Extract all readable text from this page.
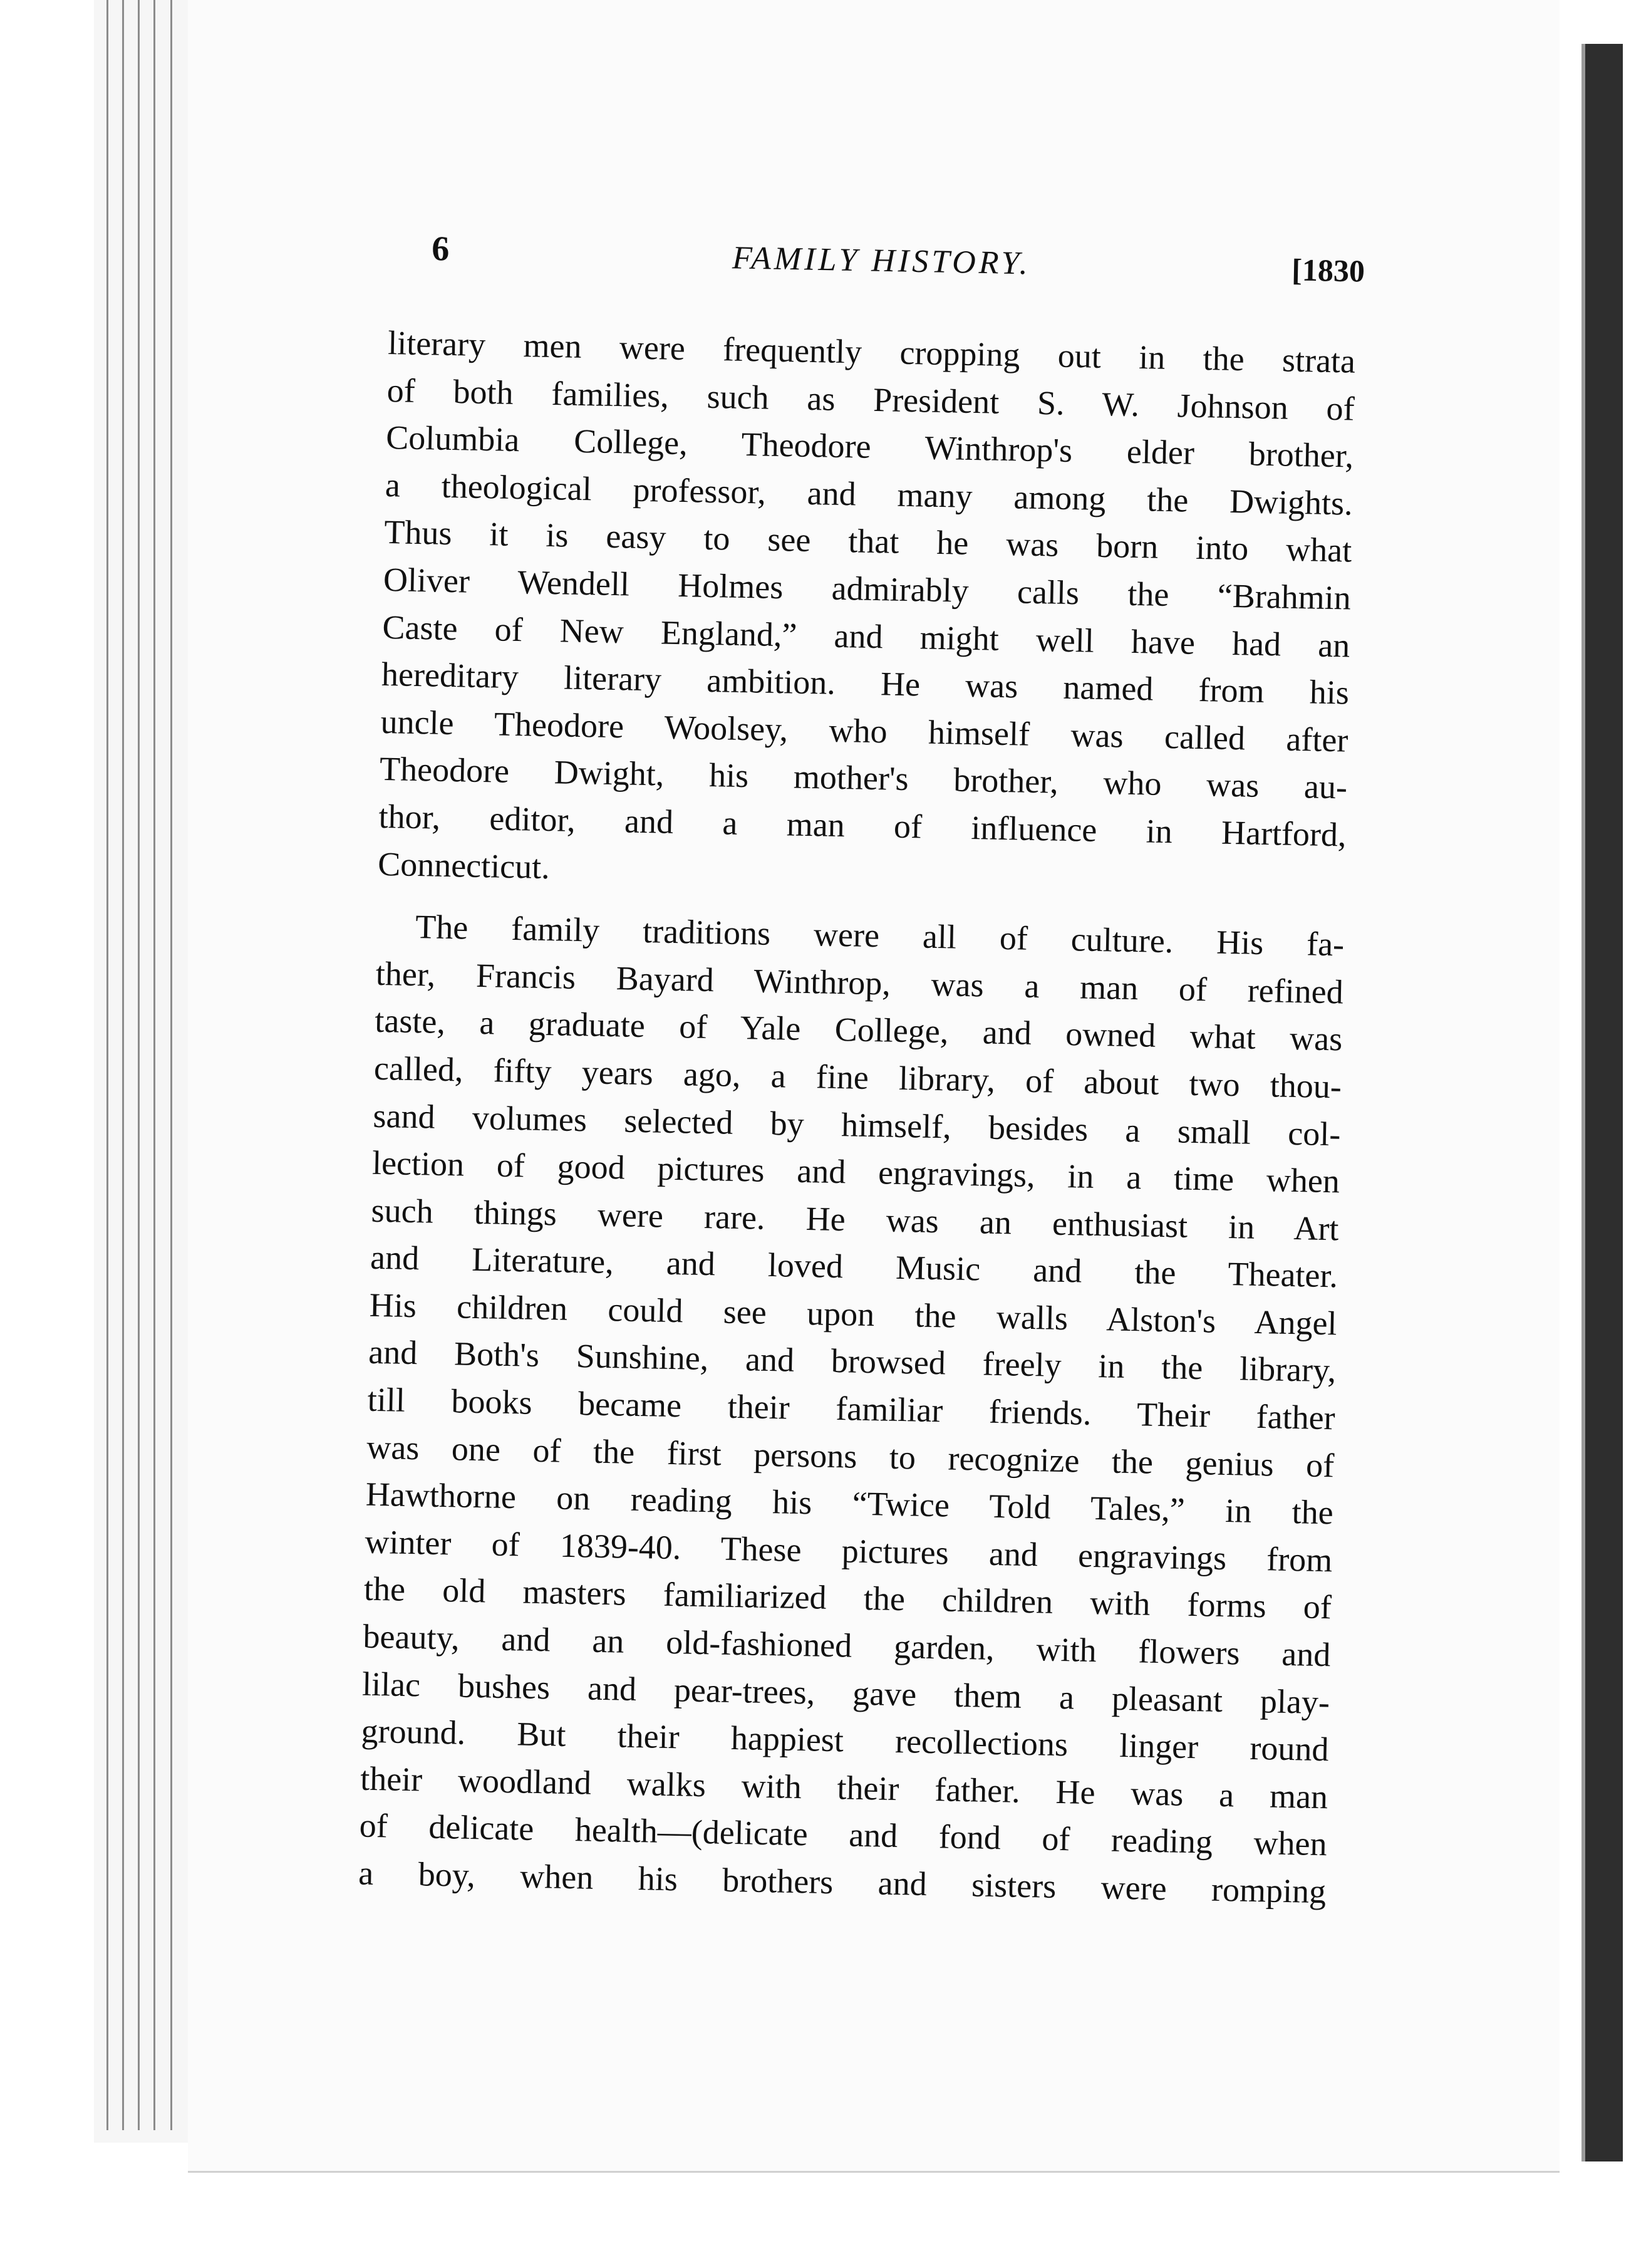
6	FAMILY HISTORY.	[1830

literary men were frequently cropping out in the strata

of both families, such as President S. W. Johnson of

Columbia College, Theodore Winthrop's elder brother,

a theological professor, and many among the Dwights.

Thus it is easy to see that he was born into what

Oliver Wendell Holmes admirably calls the “Brahmin

Caste of New England,” and might well have had an

hereditary literary ambition. He was named from his

uncle Theodore Woolsey, who himself was called after

Theodore Dwight, his mother's brother, who was au-

thor, editor, and a man of influence in Hartford,

Connecticut.

The family traditions were all of culture. His fa-

ther, Francis Bayard Winthrop, was a man of refined

taste, a graduate of Yale College, and owned what was

called, fifty years ago, a fine library, of about two thou-

sand volumes selected by himself, besides a small col-

lection of good pictures and engravings, in a time when

such things were rare. He was an enthusiast in Art

and Literature, and loved Music and the Theater.

His children could see upon the walls Alston's Angel

and Both's Sunshine, and browsed freely in the library,

till books became their familiar friends. Their father

was one of the first persons to recognize the genius of

Hawthorne on reading his “Twice Told Tales,” in the

winter of 1839-40. These pictures and engravings from

the old masters familiarized the children with forms of

beauty, and an old-fashioned garden, with flowers and

lilac bushes and pear-trees, gave them a pleasant play-

ground. But their happiest recollections linger round

their woodland walks with their father. He was a man

of delicate health—(delicate and fond of reading when

a boy, when his brothers and sisters were romping
